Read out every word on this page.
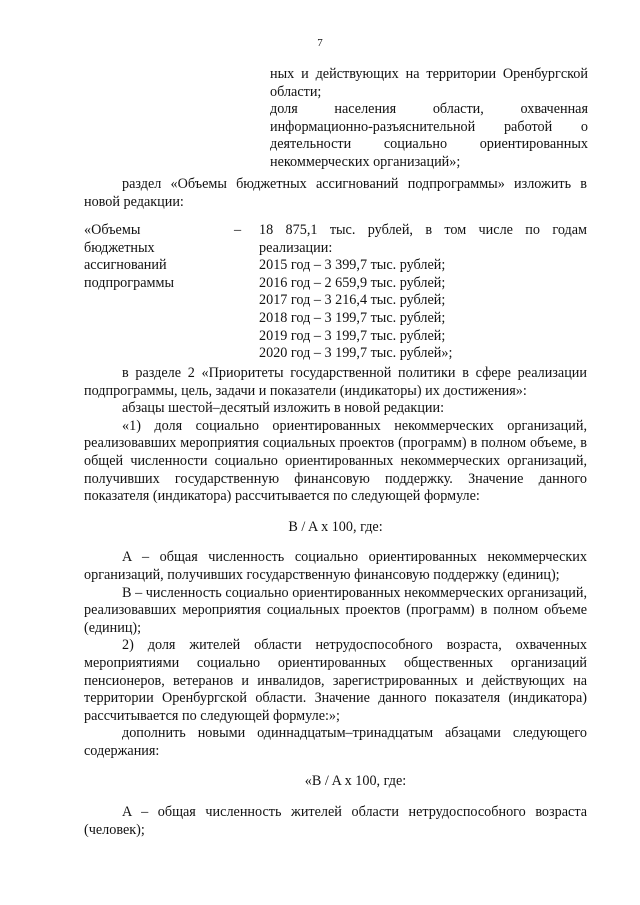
7

ных и действующих на территории Оренбургской области;

доля населения области, охваченная информационно-разъяснительной работой о деятельности социально ориентированных некоммерческих организаций»;

раздел «Объемы бюджетных ассигнований подпрограммы» изложить в новой редакции:

«Объемы
бюджетных
ассигнований
подпрограммы
– 18 875,1 тыс. рублей, в том числе по годам
реализации:
2015 год – 3 399,7 тыс. рублей;
2016 год – 2 659,9 тыс. рублей;
2017 год – 3 216,4 тыс. рублей;
2018 год – 3 199,7 тыс. рублей;
2019 год – 3 199,7 тыс. рублей;
2020 год – 3 199,7 тыс. рублей»;

в разделе 2 «Приоритеты государственной политики в сфере реализации подпрограммы, цель, задачи и показатели (индикаторы) их достижения»:

абзацы шестой–десятый изложить в новой редакции:

«1) доля социально ориентированных некоммерческих организаций, реализовавших мероприятия социальных проектов (программ) в полном объеме, в общей численности социально ориентированных некоммерческих организаций, получивших государственную финансовую поддержку. Значение данного показателя (индикатора) рассчитывается по следующей формуле:

B / A x 100, где:

A – общая численность социально ориентированных некоммерческих организаций, получивших государственную финансовую поддержку (единиц);

B – численность социально ориентированных некоммерческих организаций, реализовавших мероприятия социальных проектов (программ) в полном объеме (единиц);

2) доля жителей области нетрудоспособного возраста, охваченных мероприятиями социально ориентированных общественных организаций пенсионеров, ветеранов и инвалидов, зарегистрированных и действующих на территории Оренбургской области. Значение данного показателя (индикатора) рассчитывается по следующей формуле:»;

дополнить новыми одиннадцатым–тринадцатым абзацами следующего содержания:

«B / A x 100, где:

A – общая численность жителей области нетрудоспособного возраста (человек);
